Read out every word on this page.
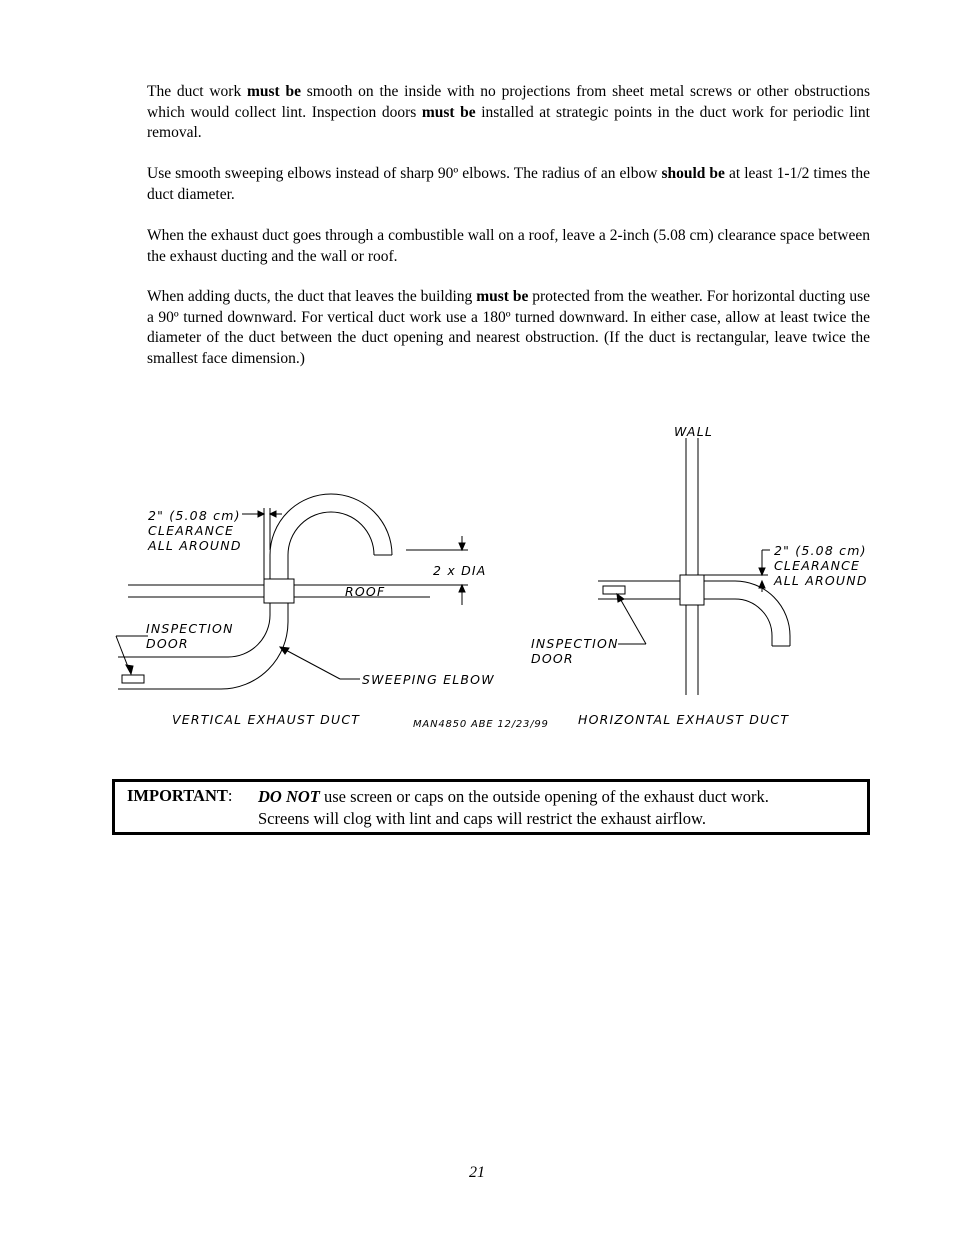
The duct work must be smooth on the inside with no projections from sheet metal screws or other obstructions which would collect lint. Inspection doors must be installed at strategic points in the duct work for periodic lint removal.

Use smooth sweeping elbows instead of sharp 90º elbows. The radius of an elbow should be at least 1-1/2 times the duct diameter.

When the exhaust duct goes through a combustible wall on a roof, leave a 2-inch (5.08 cm) clearance space between the exhaust ducting and the wall or roof.

When adding ducts, the duct that leaves the building must be protected from the weather. For horizontal ducting use a 90º turned downward. For vertical duct work use a 180º turned downward. In either case, allow at least twice the diameter of the duct between the duct opening and nearest obstruction. (If the duct is rectangular, leave twice the smallest face dimension.)

WALL
2" (5.08 cm)
CLEARANCE
ALL AROUND
2 x DIA
ROOF
INSPECTION
DOOR
SWEEPING ELBOW
2" (5.08 cm)
CLEARANCE
ALL AROUND
INSPECTION
DOOR
VERTICAL EXHAUST DUCT	MAN4850 ABE 12/23/99 HORIZONTAL EXHAUST DUCT
IMPORTANT: DO NOT use screen or caps on the outside opening of the exhaust duct work.
Screens will clog with lint and caps will restrict the exhaust airflow.
21
